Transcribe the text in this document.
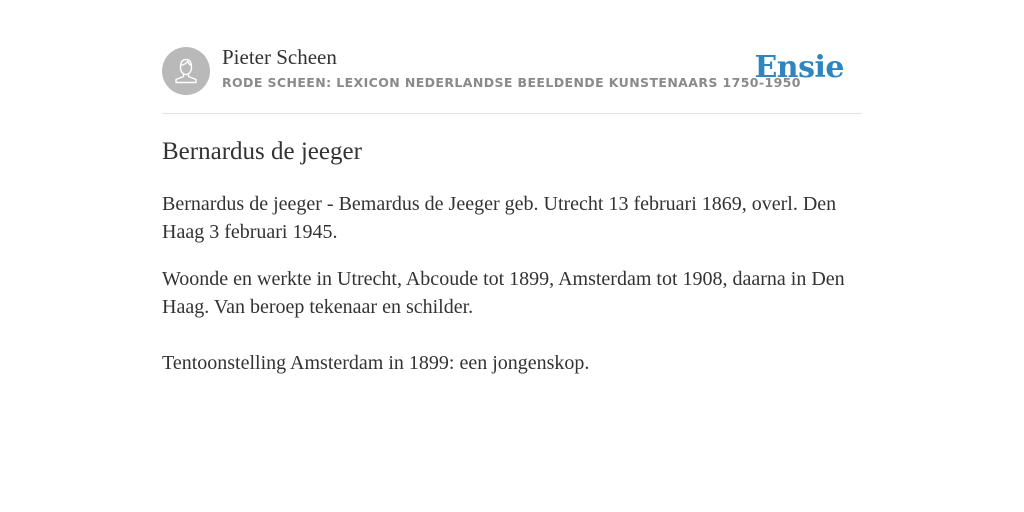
Pieter Scheen
RODE SCHEEN: LEXICON NEDERLANDSE BEELDENDE KUNSTENAARS 1750-1950
Ensie
Bernardus de jeeger

Bernardus de jeeger - Bemardus de Jeeger geb. Utrecht 13 februari 1869, overl. Den Haag 3 februari 1945.

Woonde en werkte in Utrecht, Abcoude tot 1899, Amsterdam tot 1908, daarna in Den Haag. Van beroep tekenaar en schilder.

Tentoonstelling Amsterdam in 1899: een jongenskop.
